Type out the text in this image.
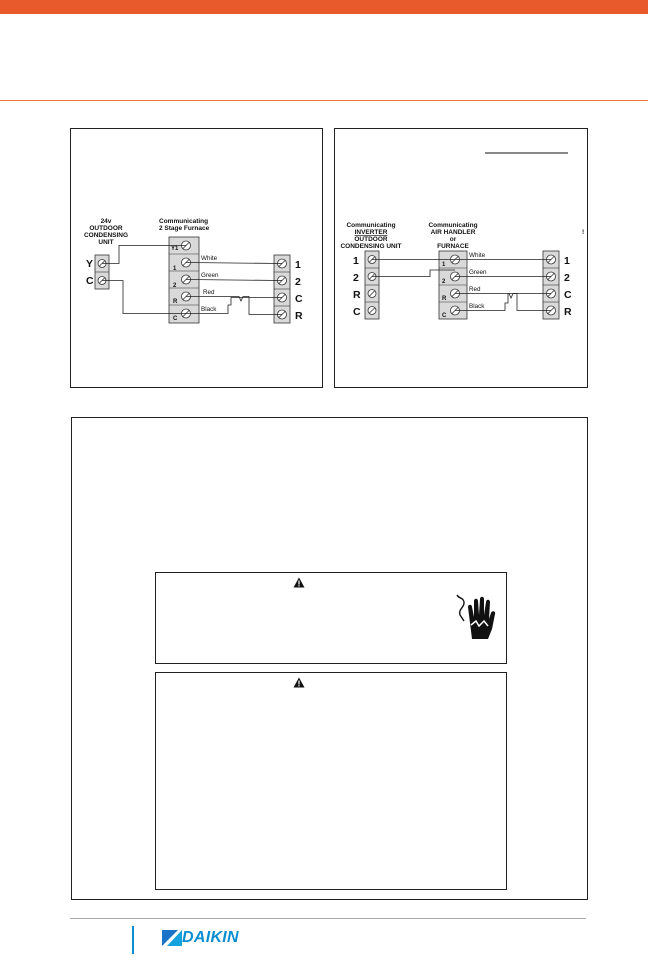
24v
OUTDOOR
CONDENSING
UNIT
Communicating
2 Stage Furnace
Y
C
Y1
1
2
R
C
1
2
C
R
White
Green
Red
Black
Communicating
INVERTER
OUTDOOR
CONDENSING UNIT
Communicating
AIR HANDLER
or
FURNACE
!
1
2
R
C
1
2
R
C
1
2
C
R
White
Green
Red
Black
DAIKIN
